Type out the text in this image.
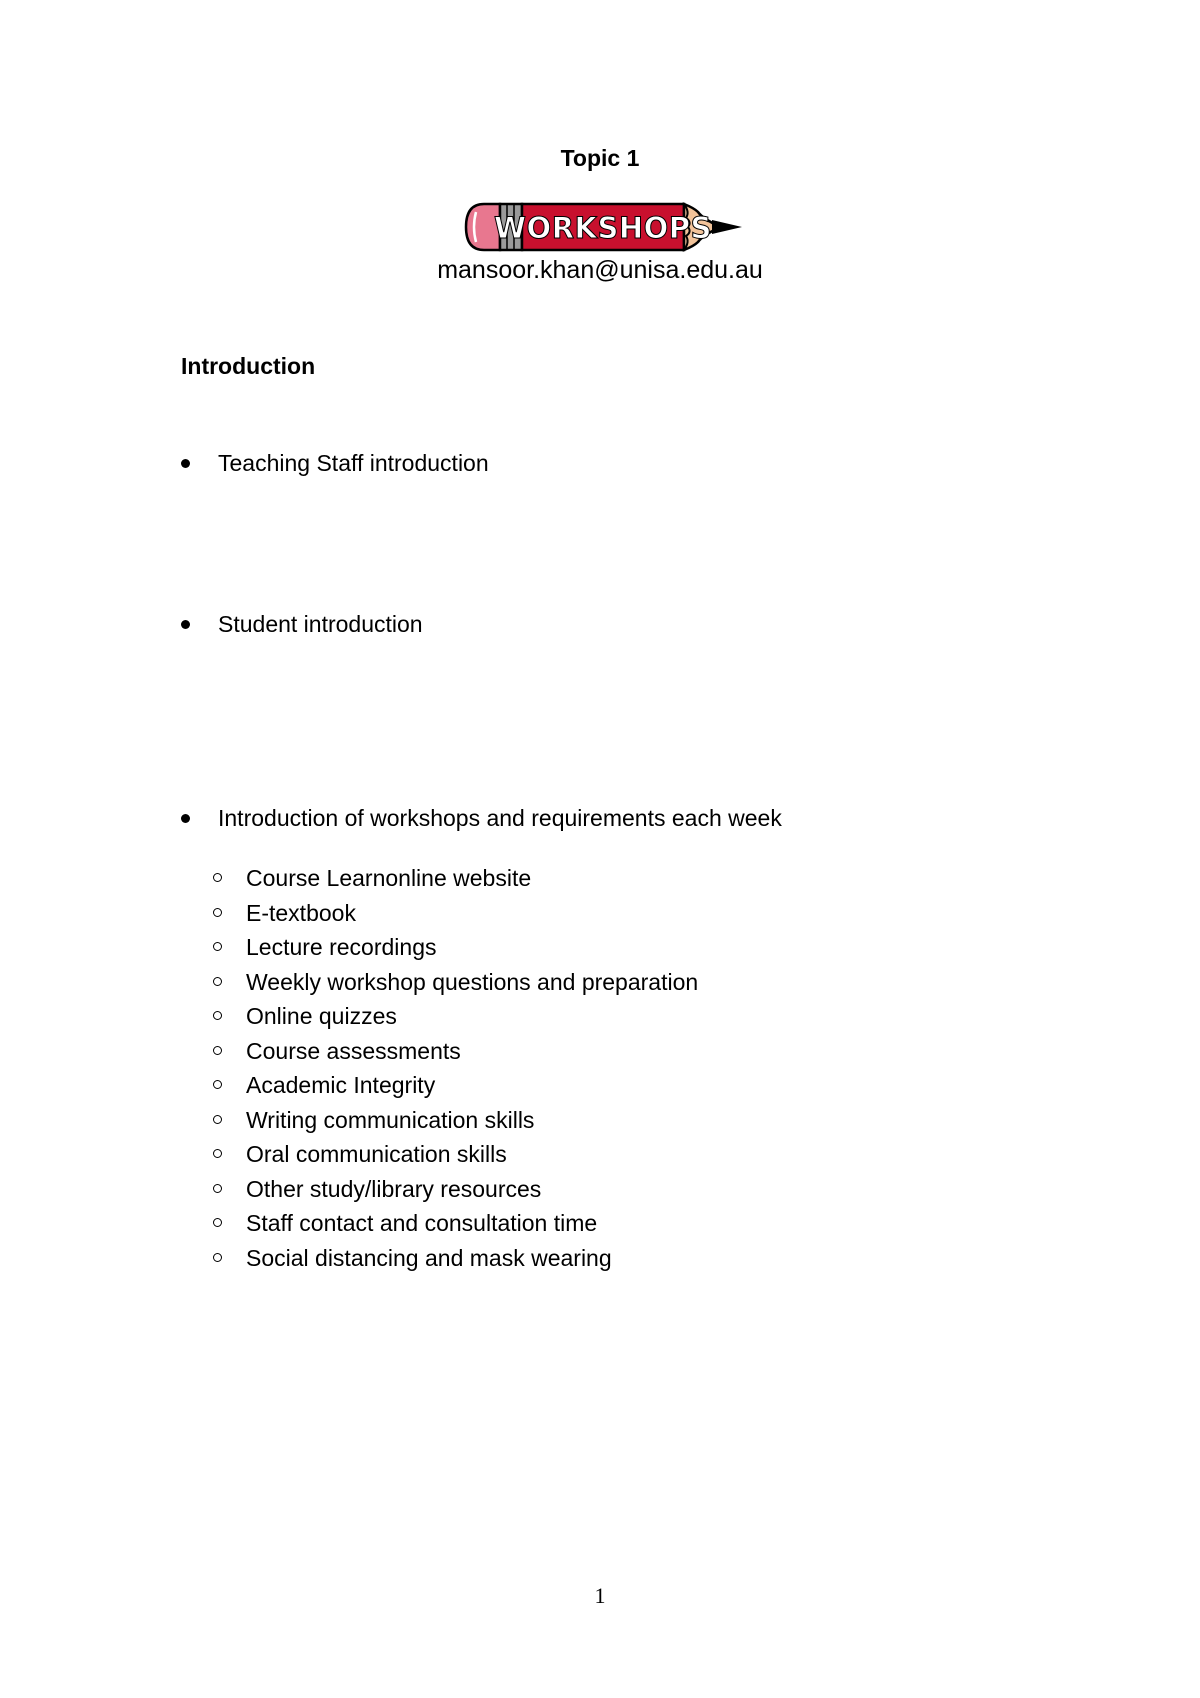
Topic 1
WORKSHOPS
mansoor.khan@unisa.edu.au
Introduction
Teaching Staff introduction
Student introduction
Introduction of workshops and requirements each week
Course Learnonline website
E-textbook
Lecture recordings
Weekly workshop questions and preparation
Online quizzes
Course assessments
Academic Integrity
Writing communication skills
Oral communication skills
Other study/library resources
Staff contact and consultation time
Social distancing and mask wearing
1
